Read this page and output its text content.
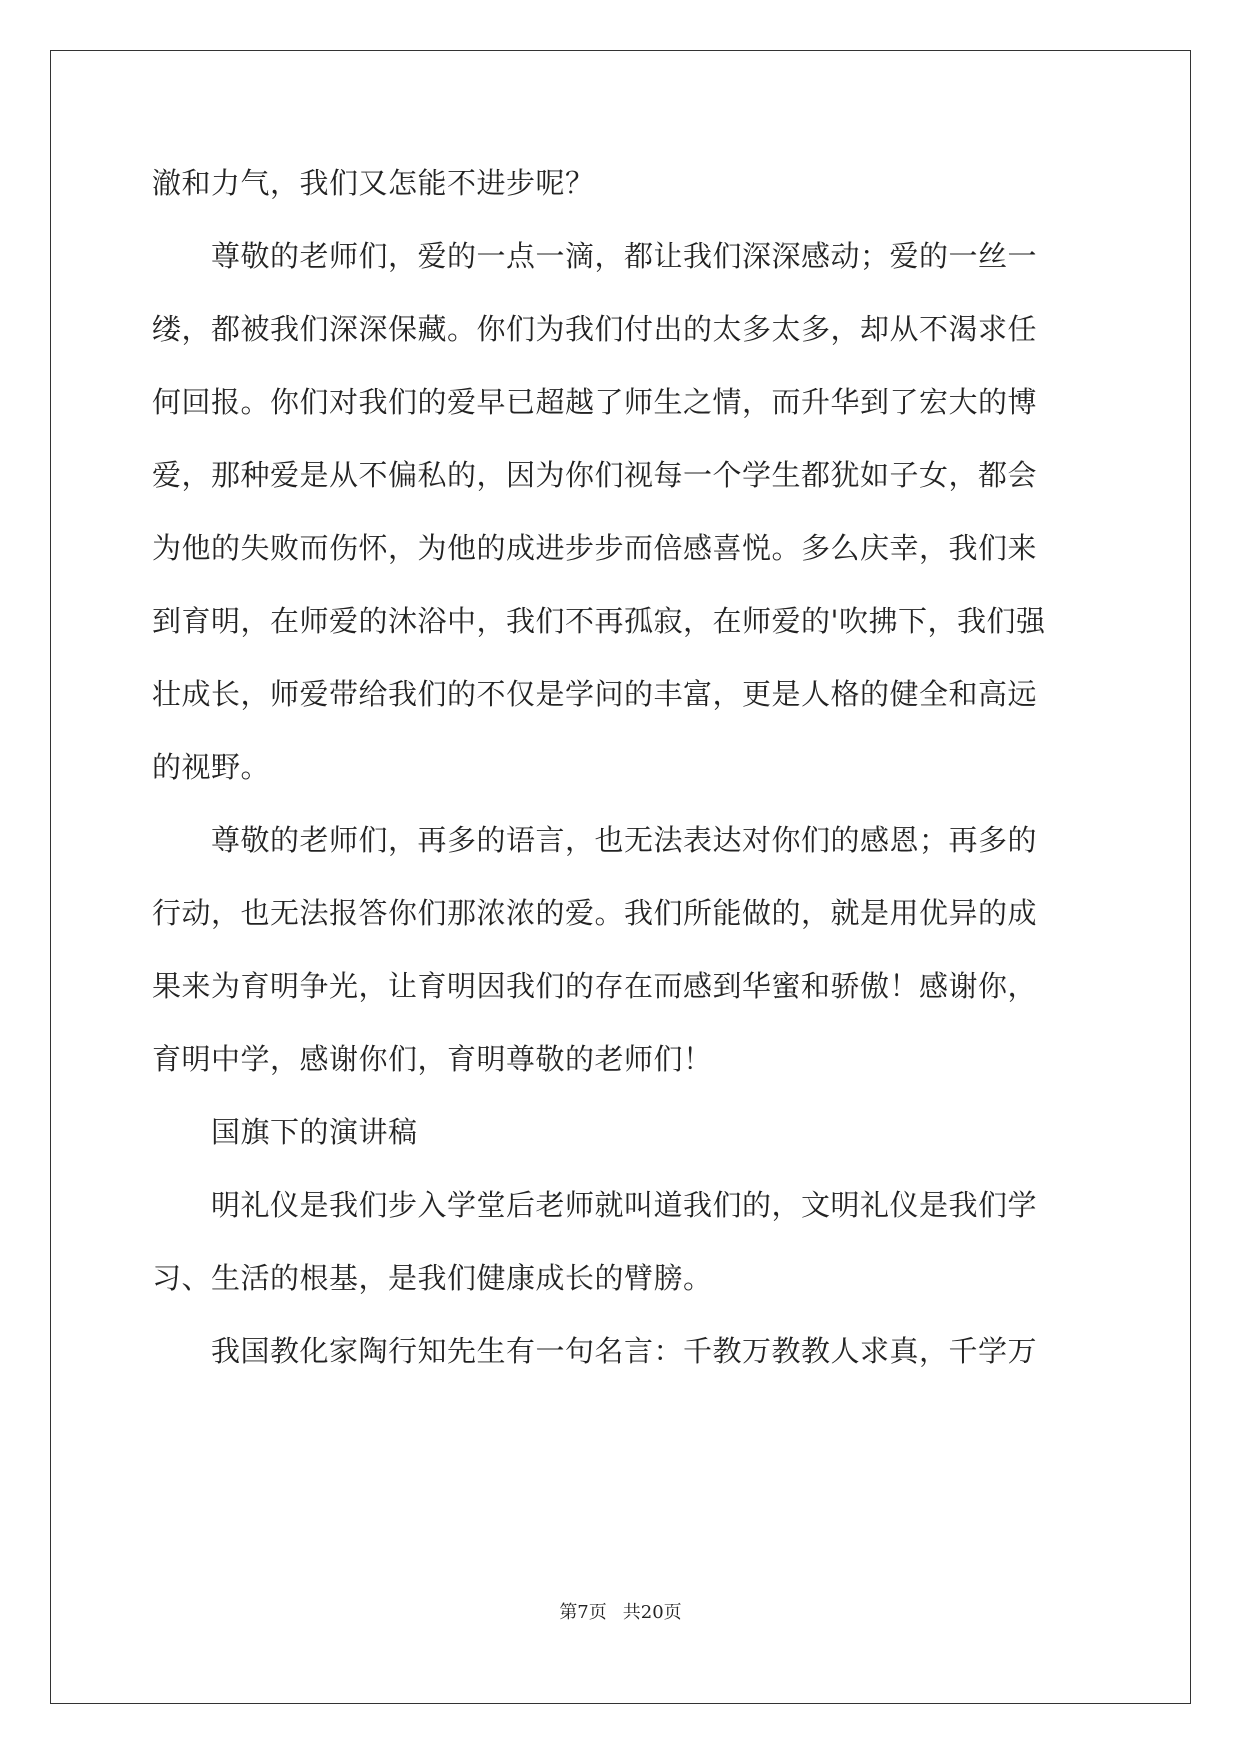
澈和力气，我们又怎能不进步呢？
　　尊敬的老师们，爱的一点一滴，都让我们深深感动；爱的一丝一
缕，都被我们深深保藏。你们为我们付出的太多太多，却从不渴求任
何回报。你们对我们的爱早已超越了师生之情，而升华到了宏大的博
爱，那种爱是从不偏私的，因为你们视每一个学生都犹如子女，都会
为他的失败而伤怀，为他的成进步步而倍感喜悦。多么庆幸，我们来
到育明，在师爱的沐浴中，我们不再孤寂，在师爱的'吹拂下，我们强
壮成长，师爱带给我们的不仅是学问的丰富，更是人格的健全和高远
的视野。
　　尊敬的老师们，再多的语言，也无法表达对你们的感恩；再多的
行动，也无法报答你们那浓浓的爱。我们所能做的，就是用优异的成
果来为育明争光，让育明因我们的存在而感到华蜜和骄傲！感谢你，
育明中学，感谢你们，育明尊敬的老师们！
　　国旗下的演讲稿
　　明礼仪是我们步入学堂后老师就叫道我们的，文明礼仪是我们学
习、生活的根基，是我们健康成长的臂膀。
　　我国教化家陶行知先生有一句名言：千教万教教人求真，千学万
第7页 共20页
